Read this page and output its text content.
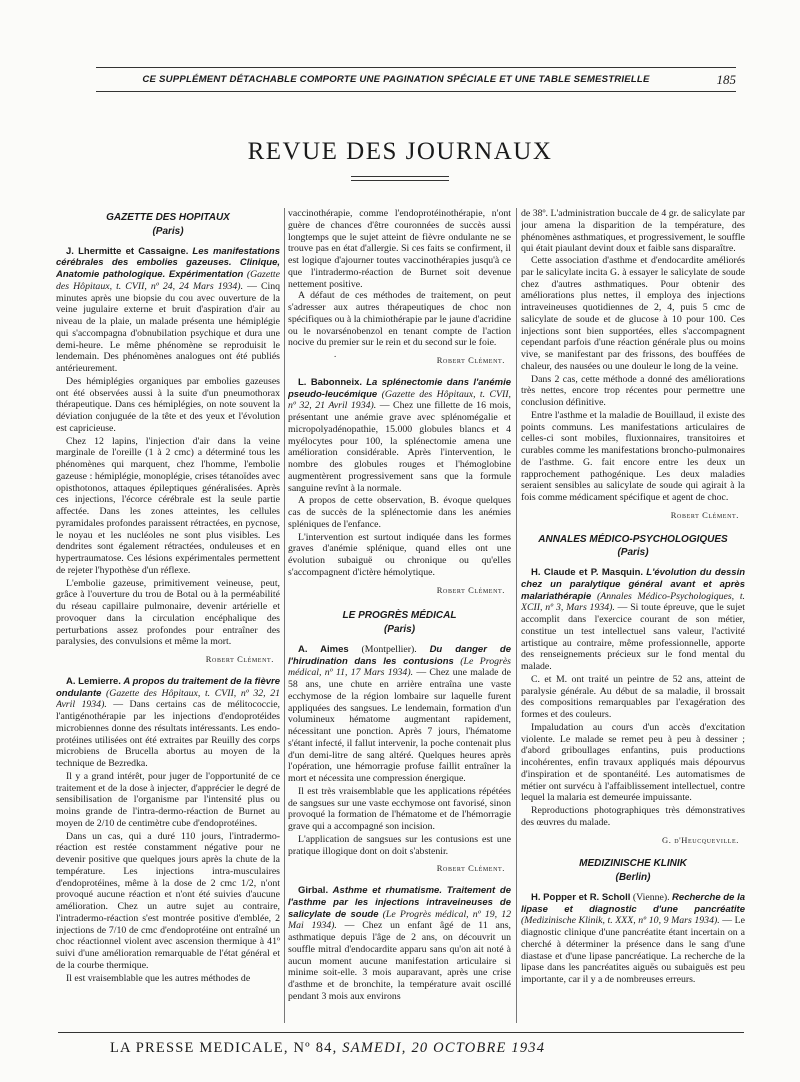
CE SUPPLÉMENT DÉTACHABLE COMPORTE UNE PAGINATION SPÉCIALE ET UNE TABLE SEMESTRIELLE	185
REVUE DES JOURNAUX
GAZETTE DES HOPITAUX
(Paris)
J. Lhermitte et Cassaigne. Les manifestations cérébrales des embolies gazeuses. Clinique, Anatomie pathologique. Expérimentation (Gazette des Hôpitaux, t. CVII, nº 24, 24 Mars 1934). — Cinq minutes après une biopsie du cou avec ouverture de la veine jugulaire externe et bruit d'aspiration d'air au niveau de la plaie, un malade présenta une hémiplégie qui s'accompagna d'obnubilation psychique et dura une demi-heure. Le même phénomène se reproduisit le lendemain. Des phénomènes analogues ont été publiés antérieurement.

Des hémiplégies organiques par embolies gazeuses ont été observées aussi à la suite d'un pneumothorax thérapeutique. Dans ces hémiplégies, on note souvent la déviation conjuguée de la tête et des yeux et l'évolution est capricieuse.

Chez 12 lapins, l'injection d'air dans la veine marginale de l'oreille (1 à 2 cmc) a déterminé tous les phénomènes qui marquent, chez l'homme, l'embolie gazeuse : hémiplégie, monoplégie, crises tétanoïdes avec opisthotonos, attaques épileptiques généralisées. Après ces injections, l'écorce cérébrale est la seule partie affectée. Dans les zones atteintes, les cellules pyramidales profondes paraissent rétractées, en pycnose, le noyau et les nucléoles ne sont plus visibles. Les dendrites sont également rétractées, onduleuses et en hypertraumatose. Ces lésions expérimentales permettent de rejeter l'hypothèse d'un réflexe.

L'embolie gazeuse, primitivement veineuse, peut, grâce à l'ouverture du trou de Botal ou à la perméabilité du réseau capillaire pulmonaire, devenir artérielle et provoquer dans la circulation encéphalique des perturbations assez profondes pour entraîner des paralysies, des convulsions et même la mort.

Robert Clément.
A. Lemierre. A propos du traitement de la fièvre ondulante (Gazette des Hôpitaux, t. CVII, nº 32, 21 Avril 1934). — Dans certains cas de mélitococcie, l'antigénothérapie par les injections d'endoprotéides microbiennes donne des résultats intéressants. Les endo-protéines utilisées ont été extraites par Reuilly des corps microbiens de Brucella abortus au moyen de la technique de Bezredka.

Il y a grand intérêt, pour juger de l'opportunité de ce traitement et de la dose à injecter, d'apprécier le degré de sensibilisation de l'organisme par l'intensité plus ou moins grande de l'intra-dermo-réaction de Burnet au moyen de 2/10 de centimètre cube d'endoprotéines.

Dans un cas, qui a duré 110 jours, l'intradermo-réaction est restée constamment négative pour ne devenir positive que quelques jours après la chute de la température. Les injections intra-musculaires d'endoprotéines, même à la dose de 2 cmc 1/2, n'ont provoqué aucune réaction et n'ont été suivies d'aucune amélioration. Chez un autre sujet au contraire, l'intradermo-réaction s'est montrée positive d'emblée, 2 injections de 7/10 de cmc d'endoprotéine ont entraîné un choc réactionnel violent avec ascension thermique à 41º suivi d'une amélioration remarquable de l'état général et de la courbe thermique.

Il est vraisemblable que les autres méthodes de

vaccinothérapie, comme l'endoprotéinothérapie, n'ont guère de chances d'être couronnées de succès aussi longtemps que le sujet atteint de fièvre ondulante ne se trouve pas en état d'allergie. Si ces faits se confirment, il est logique d'ajourner toutes vaccinothérapies jusqu'à ce que l'intradermo-réaction de Burnet soit devenue nettement positive.

A défaut de ces méthodes de traitement, on peut s'adresser aux autres thérapeutiques de choc non spécifiques ou à la chimiothérapie par le jaune d'acridine ou le novarsénobenzol en tenant compte de l'action nocive du premier sur le rein et du second sur le foie.

.
Robert Clément.
L. Babonneix. La splénectomie dans l'anémie pseudo-leucémique (Gazette des Hôpitaux, t. CVII, nº 32, 21 Avril 1934). — Chez une fillette de 16 mois, présentant une anémie grave avec splénomégalie et micropolyadénopathie, 15.000 globules blancs et 4 myélocytes pour 100, la splénectomie amena une amélioration considérable. Après l'intervention, le nombre des globules rouges et l'hémoglobine augmentèrent progressivement sans que la formule sanguine revînt à la normale.

A propos de cette observation, B. évoque quelques cas de succès de la splénectomie dans les anémies spléniques de l'enfance.

L'intervention est surtout indiquée dans les formes graves d'anémie splénique, quand elles ont une évolution subaiguë ou chronique ou qu'elles s'accompagnent d'ictère hémolytique.

Robert Clément.
LE PROGRÈS MÉDICAL
(Paris)
A. Aimes (Montpellier). Du danger de l'hirudination dans les contusions (Le Progrès médical, nº 11, 17 Mars 1934). — Chez une malade de 58 ans, une chute en arrière entraîna une vaste ecchymose de la région lombaire sur laquelle furent appliquées des sangsues. Le lendemain, formation d'un volumineux hématome augmentant rapidement, nécessitant une ponction. Après 7 jours, l'hématome s'étant infecté, il fallut intervenir, la poche contenait plus d'un demi-litre de sang altéré. Quelques heures après l'opération, une hémorragie profuse faillit entraîner la mort et nécessita une compression énergique.

Il est très vraisemblable que les applications répétées de sangsues sur une vaste ecchymose ont favorisé, sinon provoqué la formation de l'hématome et de l'hémorragie grave qui a accompagné son incision.

L'application de sangsues sur les contusions est une pratique illogique dont on doit s'abstenir.

Robert Clément.
Girbal. Asthme et rhumatisme. Traitement de l'asthme par les injections intraveineuses de salicylate de soude (Le Progrès médical, nº 19, 12 Mai 1934). — Chez un enfant âgé de 11 ans, asthmatique depuis l'âge de 2 ans, on découvrit un souffle mitral d'endocardite apparu sans qu'on ait noté à aucun moment aucune manifestation articulaire si minime soit-elle. 3 mois auparavant, après une crise d'asthme et de bronchite, la température avait oscillé pendant 3 mois aux environs

de 38º. L'administration buccale de 4 gr. de salicylate par jour amena la disparition de la température, des phénomènes asthmatiques, et progressivement, le souffle qui était piaulant devint doux et faible sans disparaître.

Cette association d'asthme et d'endocardite améliorés par le salicylate incita G. à essayer le salicylate de soude chez d'autres asthmatiques. Pour obtenir des améliorations plus nettes, il employa des injections intraveineuses quotidiennes de 2, 4, puis 5 cmc de salicylate de soude et de glucose à 10 pour 100. Ces injections sont bien supportées, elles s'accompagnent cependant parfois d'une réaction générale plus ou moins vive, se manifestant par des frissons, des bouffées de chaleur, des nausées ou une douleur le long de la veine.

Dans 2 cas, cette méthode a donné des améliorations très nettes, encore trop récentes pour permettre une conclusion définitive.

Entre l'asthme et la maladie de Bouillaud, il existe des points communs. Les manifestations articulaires de celles-ci sont mobiles, fluxionnaires, transitoires et curables comme les manifestations broncho-pulmonaires de l'asthme. G. fait encore entre les deux un rapprochement pathogénique. Les deux maladies seraient sensibles au salicylate de soude qui agirait à la fois comme médicament spécifique et agent de choc.

Robert Clément.
ANNALES MÉDICO-PSYCHOLOGIQUES
(Paris)
H. Claude et P. Masquin. L'évolution du dessin chez un paralytique général avant et après malariathérapie (Annales Médico-Psychologiques, t. XCII, nº 3, Mars 1934). — Si toute épreuve, que le sujet accomplit dans l'exercice courant de son métier, constitue un test intellectuel sans valeur, l'activité artistique au contraire, même professionnelle, apporte des renseignements précieux sur le fond mental du malade.

C. et M. ont traité un peintre de 52 ans, atteint de paralysie générale. Au début de sa maladie, il brossait des compositions remarquables par l'exagération des formes et des couleurs.

Impaludation au cours d'un accès d'excitation violente. Le malade se remet peu à peu à dessiner ; d'abord griboullages enfantins, puis productions incohérentes, enfin travaux appliqués mais dépourvus d'inspiration et de spontanéité. Les automatismes de métier ont survécu à l'affaiblissement intellectuel, contre lequel la malaria est demeurée impuissante.

Reproductions photographiques très démonstratives des œuvres du malade.

G. d'Heucqueville.
MEDIZINISCHE KLINIK
(Berlin)
H. Popper et R. Scholl (Vienne). Recherche de la lipase et diagnostic d'une pancréatite (Medizinische Klinik, t. XXX, nº 10, 9 Mars 1934). — Le diagnostic clinique d'une pancréatite étant incertain on a cherché à déterminer la présence dans le sang d'une diastase et d'une lipase pancréatique. La recherche de la lipase dans les pancréatites aiguës ou subaiguës est peu importante, car il y a de nombreuses erreurs.
LA PRESSE MEDICALE, Nº 84, SAMEDI, 20 OCTOBRE 1934
